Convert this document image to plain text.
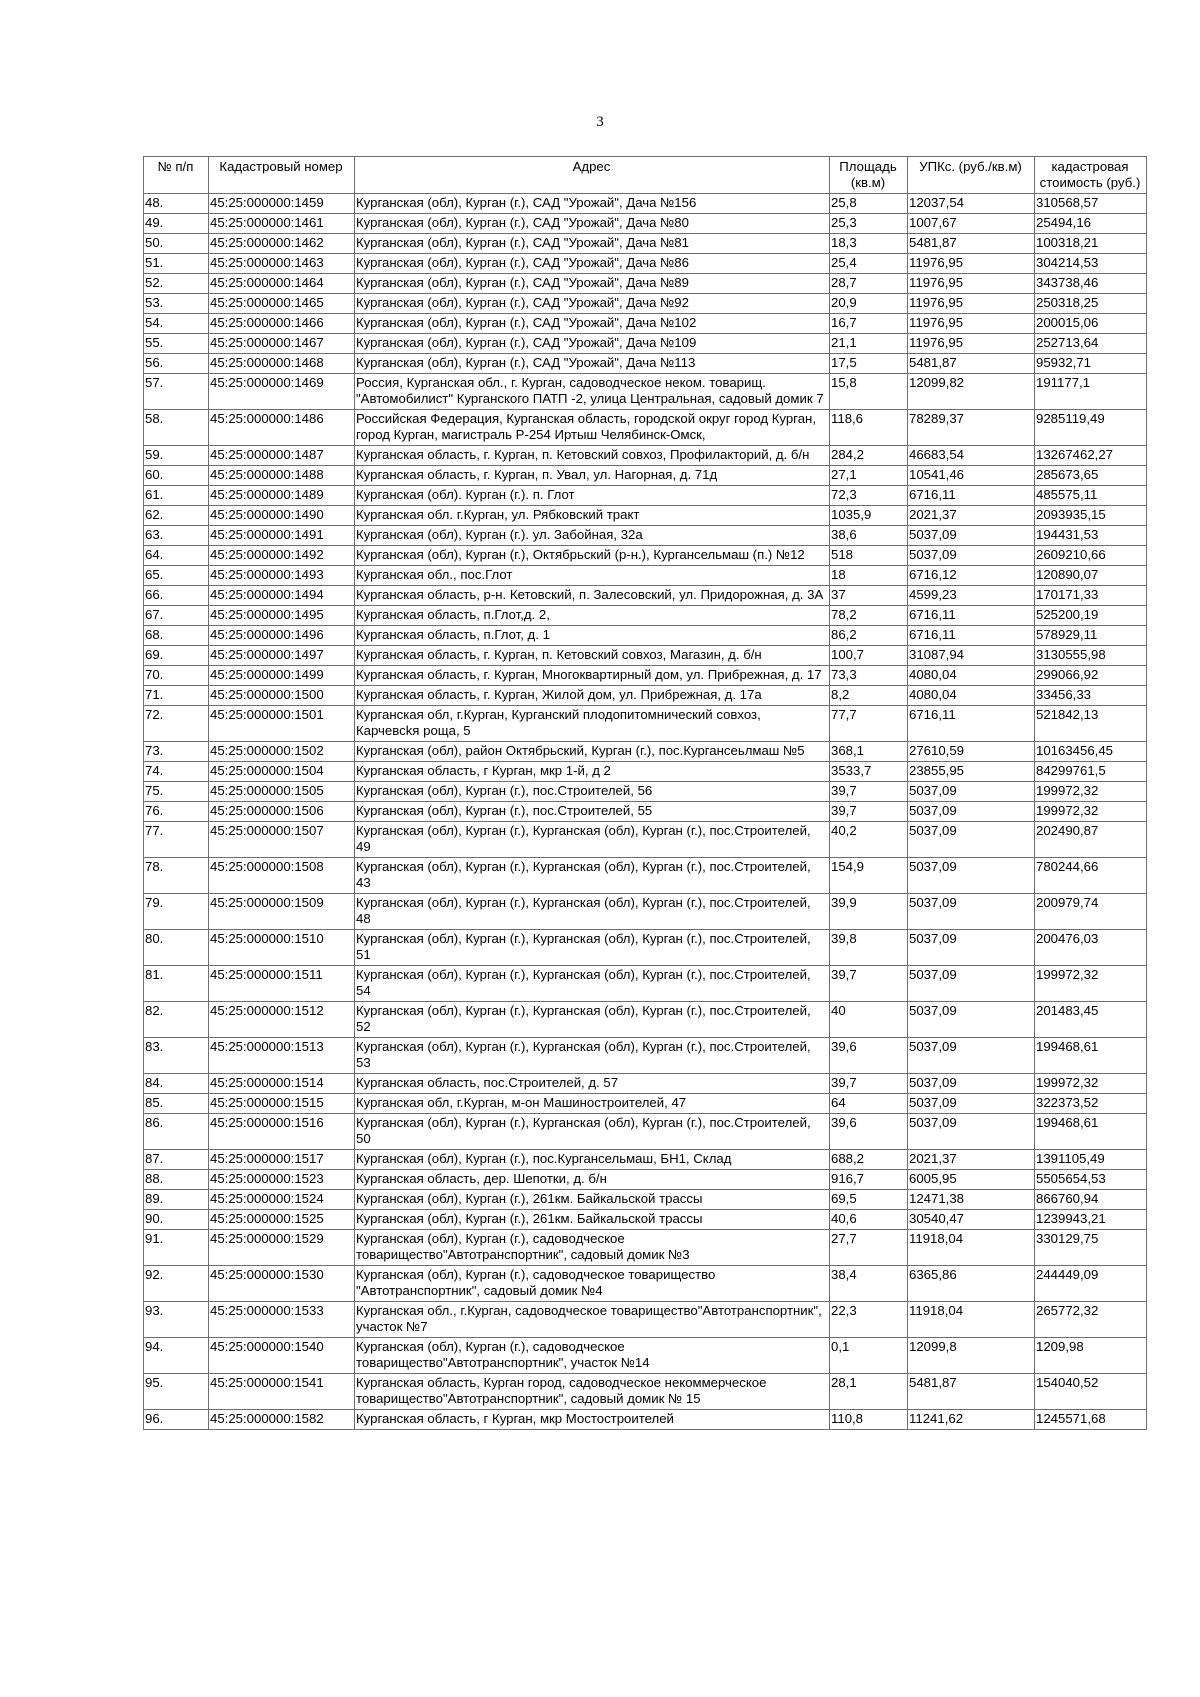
3
№ п/п	Кадастровый номер	Адрес	Площадь (кв.м)	УПКс. (руб./кв.м)	кадастровая стоимость (руб.)
48.	45:25:000000:1459	Курганская (обл), Курган (г.), САД "Урожай", Дача №156	25,8	12037,54	310568,57
49.	45:25:000000:1461	Курганская (обл), Курган (г.), САД "Урожай", Дача №80	25,3	1007,67	25494,16
50.	45:25:000000:1462	Курганская (обл), Курган (г.), САД "Урожай", Дача №81	18,3	5481,87	100318,21
51.	45:25:000000:1463	Курганская (обл), Курган (г.), САД "Урожай", Дача №86	25,4	11976,95	304214,53
52.	45:25:000000:1464	Курганская (обл), Курган (г.), САД "Урожай", Дача №89	28,7	11976,95	343738,46
53.	45:25:000000:1465	Курганская (обл), Курган (г.), САД "Урожай", Дача №92	20,9	11976,95	250318,25
54.	45:25:000000:1466	Курганская (обл), Курган (г.), САД "Урожай", Дача №102	16,7	11976,95	200015,06
55.	45:25:000000:1467	Курганская (обл), Курган (г.), САД "Урожай", Дача №109	21,1	11976,95	252713,64
56.	45:25:000000:1468	Курганская (обл), Курган (г.), САД "Урожай", Дача №113	17,5	5481,87	95932,71
57.	45:25:000000:1469	Россия, Курганская обл., г. Курган, садоводческое неком. товарищ. "Автомобилист" Курганского ПАТП -2, улица Центральная, садовый домик 7	15,8	12099,82	191177,1
58.	45:25:000000:1486	Российская Федерация, Курганская область, городской округ город Курган, город Курган, магистраль Р-254 Иртыш Челябинск-Омск,	118,6	78289,37	9285119,49
59.	45:25:000000:1487	Курганская область, г. Курган, п. Кетовский совхоз, Профилакторий, д. б/н	284,2	46683,54	13267462,27
60.	45:25:000000:1488	Курганская область, г. Курган, п. Увал, ул. Нагорная, д. 71д	27,1	10541,46	285673,65
61.	45:25:000000:1489	Курганская (обл). Курган (г.). п. Глот	72,3	6716,11	485575,11
62.	45:25:000000:1490	Курганская обл. г.Курган, ул. Рябковский тракт	1035,9	2021,37	2093935,15
63.	45:25:000000:1491	Курганская (обл), Курган (г.). ул. Забойная, 32а	38,6	5037,09	194431,53
64.	45:25:000000:1492	Курганская (обл), Курган (г.), Октябрьский (р-н.), Курганcельмаш (п.) №12	518	5037,09	2609210,66
65.	45:25:000000:1493	Курганская обл., пос.Глот	18	6716,12	120890,07
66.	45:25:000000:1494	Курганская область, р-н. Кетовский, п. Залесовский, ул. Придорожная, д. 3А	37	4599,23	170171,33
67.	45:25:000000:1495	Курганская область, п.Глот,д. 2,	78,2	6716,11	525200,19
68.	45:25:000000:1496	Курганская область, п.Глот, д. 1	86,2	6716,11	578929,11
69.	45:25:000000:1497	Курганская область, г. Курган, п. Кетовский совхоз, Магазин, д. б/н	100,7	31087,94	3130555,98
70.	45:25:000000:1499	Курганская область, г. Курган, Многоквартирный дом, ул. Прибрежная, д. 17	73,3	4080,04	299066,92
71.	45:25:000000:1500	Курганская область, г. Курган, Жилой дом, ул. Прибрежная, д. 17а	8,2	4080,04	33456,33
72.	45:25:000000:1501	Курганская обл, г.Курган, Курганский плодопитомнический совхоз, Карчевсkя роща, 5	77,7	6716,11	521842,13
73.	45:25:000000:1502	Курганская (обл), район Октябрьский, Курган (г.), пос.Курганcеьлмаш №5	368,1	27610,59	10163456,45
74.	45:25:000000:1504	Курганская область, г Курган, мкр 1-й, д 2	3533,7	23855,95	84299761,5
75.	45:25:000000:1505	Курганская (обл), Курган (г.), пос.Строителей, 56	39,7	5037,09	199972,32
76.	45:25:000000:1506	Курганская (обл), Курган (г.), пос.Строителей, 55	39,7	5037,09	199972,32
77.	45:25:000000:1507	Курганская (обл), Курган (г.), Курганская (обл), Курган (г.), пос.Строителей, 49	40,2	5037,09	202490,87
78.	45:25:000000:1508	Курганская (обл), Курган (г.), Курганская (обл), Курган (г.), пос.Строителей, 43	154,9	5037,09	780244,66
79.	45:25:000000:1509	Курганская (обл), Курган (г.), Курганская (обл), Курган (г.), пос.Строителей, 48	39,9	5037,09	200979,74
80.	45:25:000000:1510	Курганская (обл), Курган (г.), Курганская (обл), Курган (г.), пос.Строителей, 51	39,8	5037,09	200476,03
81.	45:25:000000:1511	Курганская (обл), Курган (г.), Курганская (обл), Курган (г.), пос.Строителей, 54	39,7	5037,09	199972,32
82.	45:25:000000:1512	Курганская (обл), Курган (г.), Курганская (обл), Курган (г.), пос.Строителей, 52	40	5037,09	201483,45
83.	45:25:000000:1513	Курганская (обл), Курган (г.), Курганская (обл), Курган (г.), пос.Строителей, 53	39,6	5037,09	199468,61
84.	45:25:000000:1514	Курганская область, пос.Строителей, д. 57	39,7	5037,09	199972,32
85.	45:25:000000:1515	Курганская обл, г.Курган, м-он Машиностроителей, 47	64	5037,09	322373,52
86.	45:25:000000:1516	Курганская (обл), Курган (г.), Курганская (обл), Курган (г.), пос.Строителей, 50	39,6	5037,09	199468,61
87.	45:25:000000:1517	Курганская (обл), Курган (г.), пос.Курганcельмаш, БН1, Склад	688,2	2021,37	1391105,49
88.	45:25:000000:1523	Курганская область, дер. Шепотки, д. б/н	916,7	6005,95	5505654,53
89.	45:25:000000:1524	Курганская (обл), Курган (г.), 261км. Байкальской трассы	69,5	12471,38	866760,94
90.	45:25:000000:1525	Курганская (обл), Курган (г.), 261км. Байкальской трассы	40,6	30540,47	1239943,21
91.	45:25:000000:1529	Курганская (обл), Курган (г.), садоводческое товарищество"Автотранспортник", садовый домик №3	27,7	11918,04	330129,75
92.	45:25:000000:1530	Курганская (обл), Курган (г.), садоводческое товарищество "Автотранспортник", садовый домик №4	38,4	6365,86	244449,09
93.	45:25:000000:1533	Курганская обл., г.Курган, садоводческое товарищество"Автотранспортник", участок №7	22,3	11918,04	265772,32
94.	45:25:000000:1540	Курганская (обл), Курган (г.), садоводческое товарищество"Автотранспортник", участок №14	0,1	12099,8	1209,98
95.	45:25:000000:1541	Курганская область, Курган город, садоводческое некоммерческое товарищество"Автотранспортник", садовый домик № 15	28,1	5481,87	154040,52
96.	45:25:000000:1582	Курганская область, г Курган, мкр Мостостроителей	110,8	11241,62	1245571,68
